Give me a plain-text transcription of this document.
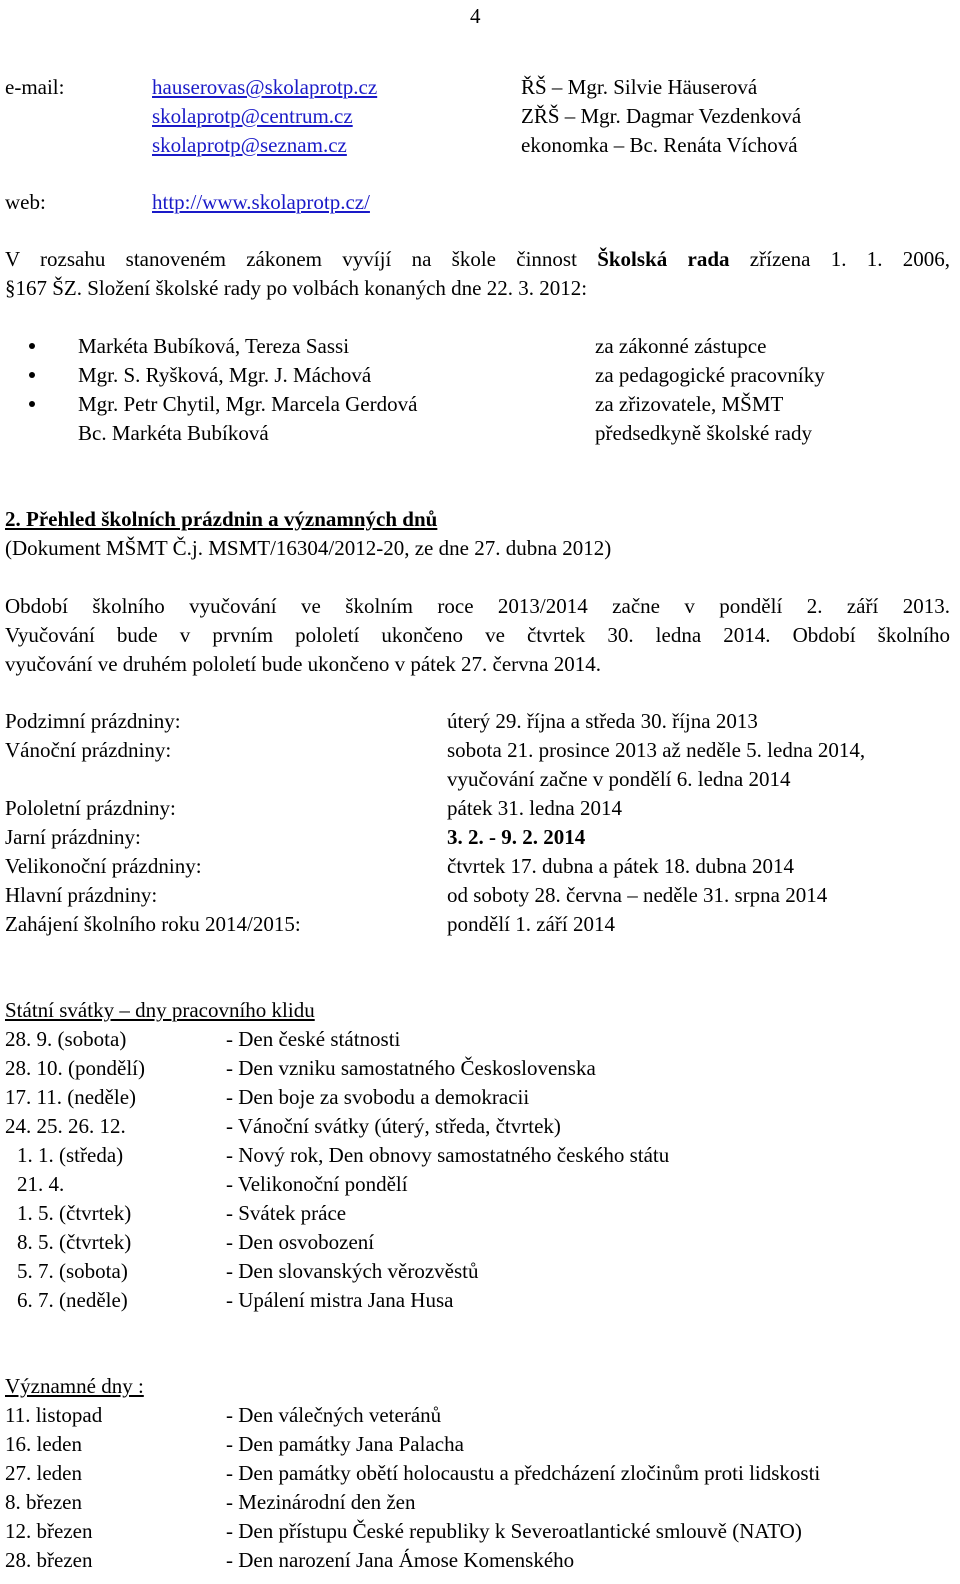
4
e-mail:	hauserovas@skolaprotp.cz
skolaprotp@centrum.cz
skolaprotp@seznam.cz
ŘŠ – Mgr. Silvie Häuserová
ZŘŠ – Mgr. Dagmar Vezdenková
ekonomka – Bc. Renáta Víchová
web:	http://www.skolaprotp.cz/
V rozsahu stanoveném zákonem vyvíjí na škole činnost Školská rada zřízena 1. 1. 2006,
§167 ŠZ. Složení školské rady po volbách konaných dne 22. 3. 2012:
Markéta Bubíková, Tereza Sassi	za zákonné zástupce
Mgr. S. Ryšková, Mgr. J. Máchová	za pedagogické pracovníky
Mgr. Petr Chytil, Mgr. Marcela Gerdová	za zřizovatele, MŠMT
Bc. Markéta Bubíková	předsedkyně školské rady
2. Přehled školních prázdnin a významných dnů
(Dokument MŠMT Č.j. MSMT/16304/2012-20, ze dne 27. dubna 2012)
Období školního vyučování ve školním roce 2013/2014 začne v pondělí 2. září 2013.
Vyučování bude v prvním pololetí ukončeno ve čtvrtek 30. ledna 2014. Období školního
vyučování ve druhém pololetí bude ukončeno v pátek 27. června 2014.
Podzimní prázdniny:	úterý 29. října a středa 30. října 2013
Vánoční prázdniny:	sobota 21. prosince 2013 až neděle 5. ledna 2014,
vyučování začne v pondělí 6. ledna 2014
Pololetní prázdniny:	pátek 31. ledna 2014
Jarní prázdniny:	3. 2. - 9. 2. 2014
Velikonoční prázdniny:	čtvrtek 17. dubna a pátek 18. dubna 2014
Hlavní prázdniny:	od soboty 28. června – neděle 31. srpna 2014
Zahájení školního roku 2014/2015:	pondělí 1. září 2014
Státní svátky – dny pracovního klidu
28. 9. (sobota)	- Den české státnosti
28. 10. (pondělí)	- Den vzniku samostatného Československa
17. 11. (neděle)	- Den boje za svobodu a demokracii
24. 25. 26. 12.	- Vánoční svátky (úterý, středa, čtvrtek)
1. 1. (středa)	- Nový rok, Den obnovy samostatného českého státu
21. 4.	- Velikonoční pondělí
1. 5. (čtvrtek)	- Svátek práce
8. 5. (čtvrtek)	- Den osvobození
5. 7. (sobota)	- Den slovanských věrozvěstů
6. 7. (neděle)	- Upálení mistra Jana Husa
Významné dny :
11. listopad	- Den válečných veteránů
16. leden	- Den památky Jana Palacha
27. leden	- Den památky obětí holocaustu a předcházení zločinům proti lidskosti
8. březen	- Mezinárodní den žen
12. březen	- Den přístupu České republiky k Severoatlantické smlouvě (NATO)
28. březen	- Den narození Jana Ámose Komenského
